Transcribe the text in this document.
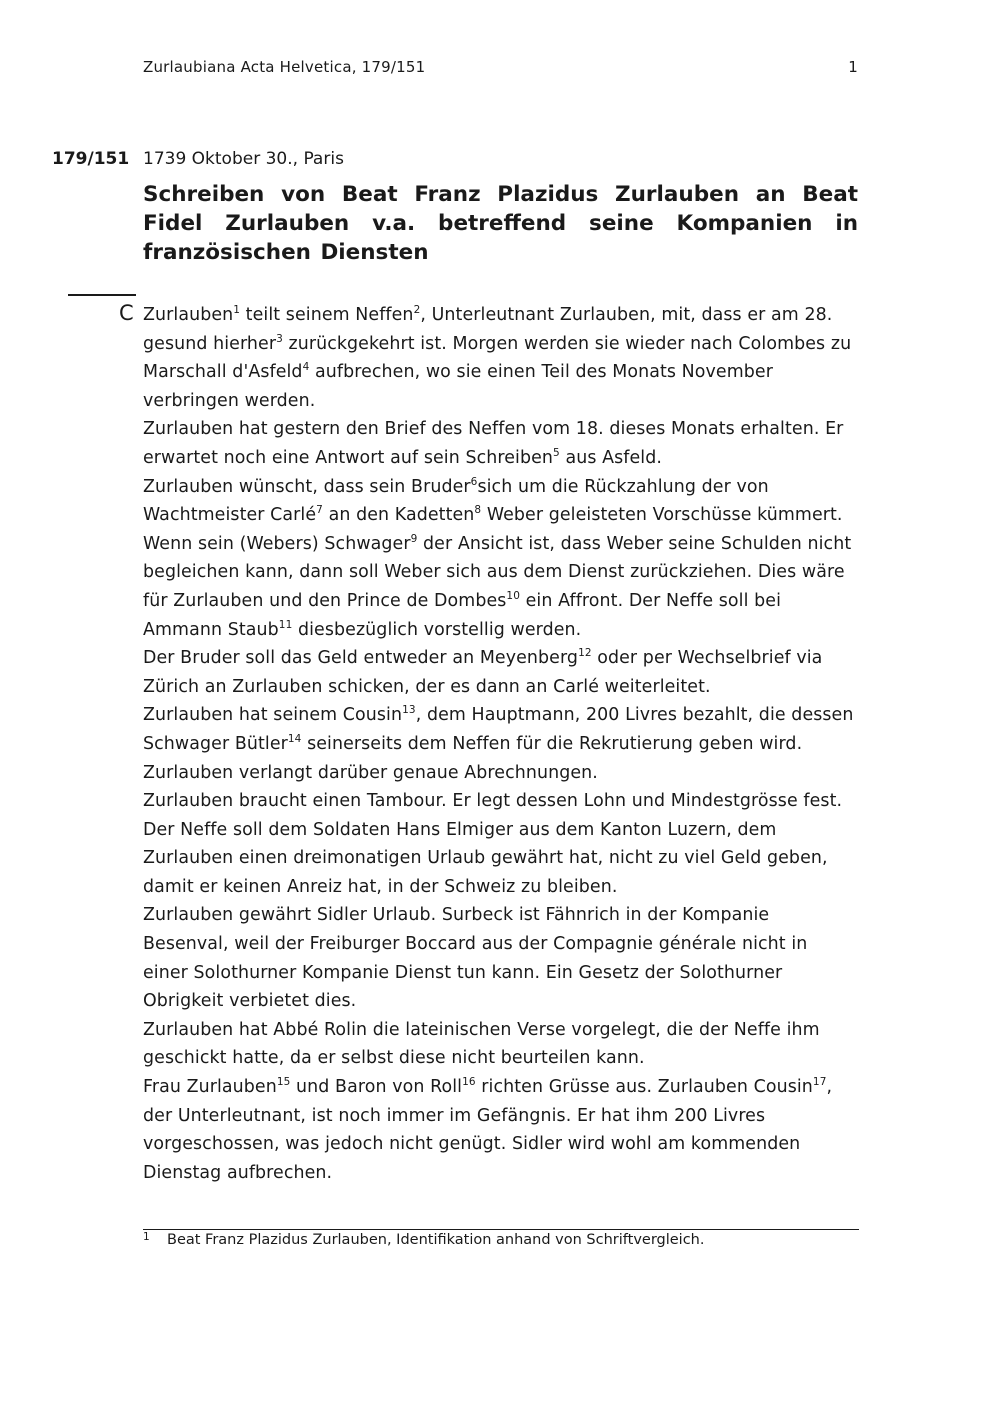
Zurlaubiana Acta Helvetica, 179/151	1
179/151 1739 Oktober 30., Paris
Schreiben von Beat Franz Plazidus Zurlauben an Beat Fidel Zurlauben v.a. betreffend seine Kompanien in französischen Diensten
C Zurlauben$^1$ teilt seinem Neffen$^2$, Unterleutnant Zurlauben, mit, dass er am 28.
gesund hierher$^3$ zurückgekehrt ist. Morgen werden sie wieder nach Colombes zu
Marschall d'Asfeld$^4$ aufbrechen, wo sie einen Teil des Monats November
verbringen werden.
Zurlauben hat gestern den Brief des Neffen vom 18. dieses Monats erhalten. Er
erwartet noch eine Antwort auf sein Schreiben$^5$ aus Asfeld.
Zurlauben wünscht, dass sein Bruder$^6$sich um die Rückzahlung der von
Wachtmeister Carlé$^7$ an den Kadetten$^8$ Weber geleisteten Vorschüsse kümmert.
Wenn sein (Webers) Schwager$^9$ der Ansicht ist, dass Weber seine Schulden nicht
begleichen kann, dann soll Weber sich aus dem Dienst zurückziehen. Dies wäre
für Zurlauben und den Prince de Dombes$^{10}$ ein Affront. Der Neffe soll bei
Ammann Staub$^{11}$ diesbezüglich vorstellig werden.
Der Bruder soll das Geld entweder an Meyenberg$^{12}$ oder per Wechselbrief via
Zürich an Zurlauben schicken, der es dann an Carlé weiterleitet.
Zurlauben hat seinem Cousin$^{13}$, dem Hauptmann, 200 Livres bezahlt, die dessen
Schwager Bütler$^{14}$ seinerseits dem Neffen für die Rekrutierung geben wird.
Zurlauben verlangt darüber genaue Abrechnungen.
Zurlauben braucht einen Tambour. Er legt dessen Lohn und Mindestgrösse fest.
Der Neffe soll dem Soldaten Hans Elmiger aus dem Kanton Luzern, dem
Zurlauben einen dreimonatigen Urlaub gewährt hat, nicht zu viel Geld geben,
damit er keinen Anreiz hat, in der Schweiz zu bleiben.
Zurlauben gewährt Sidler Urlaub. Surbeck ist Fähnrich in der Kompanie
Besenval, weil der Freiburger Boccard aus der Compagnie générale nicht in
einer Solothurner Kompanie Dienst tun kann. Ein Gesetz der Solothurner
Obrigkeit verbietet dies.
Zurlauben hat Abbé Rolin die lateinischen Verse vorgelegt, die der Neffe ihm
geschickt hatte, da er selbst diese nicht beurteilen kann.
Frau Zurlauben$^{15}$ und Baron von Roll$^{16}$ richten Grüsse aus. Zurlauben Cousin$^{17}$,
der Unterleutnant, ist noch immer im Gefängnis. Er hat ihm 200 Livres
vorgeschossen, was jedoch nicht genügt. Sidler wird wohl am kommenden
Dienstag aufbrechen.
1 Beat Franz Plazidus Zurlauben, Identifikation anhand von Schriftvergleich.
